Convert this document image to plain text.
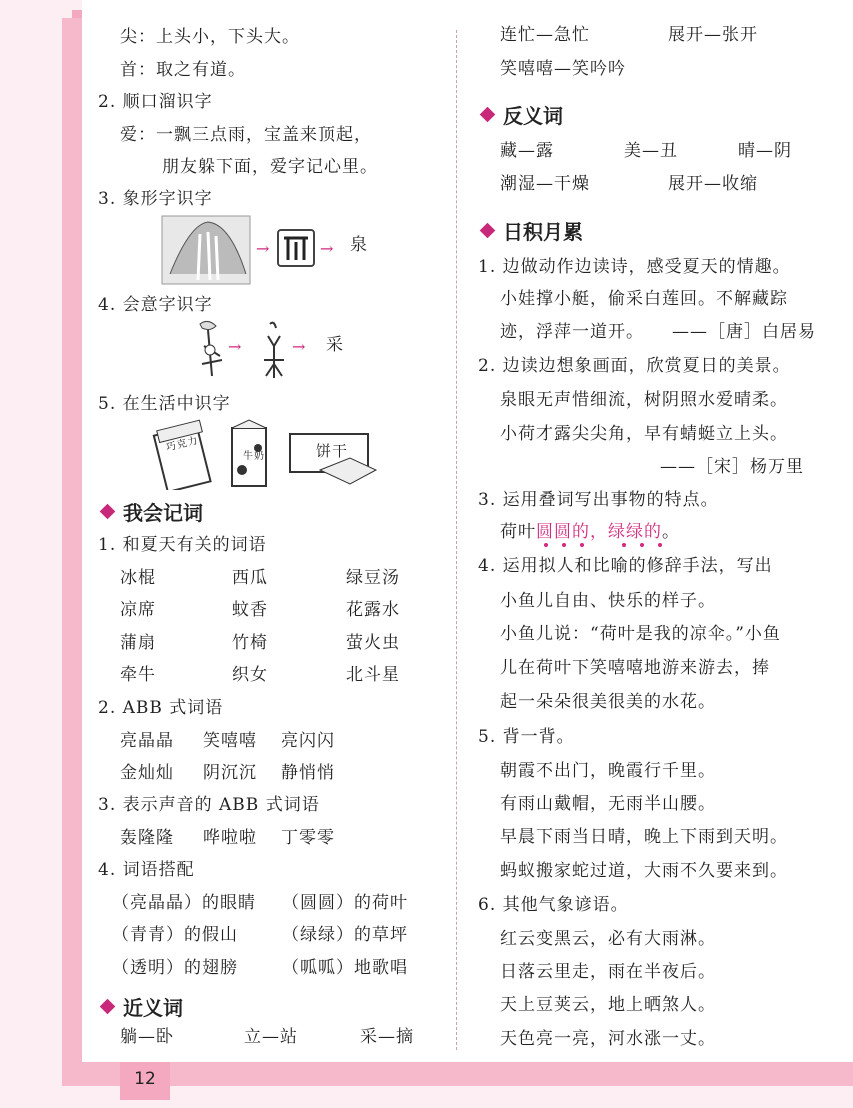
尖：上头小，下头大。
首：取之有道。
2. 顺口溜识字
爱：一飘三点雨，宝盖来顶起，
朋友躲下面，爱字记心里。
3. 象形字识字
→	→ 泉
4. 会意字识字
→	→ 采
5. 在生活中识字
巧克力
牛奶	饼干
我会记词
1. 和夏天有关的词语
冰棍	西瓜	绿豆汤
凉席	蚊香	花露水
蒲扇	竹椅	萤火虫
牵牛	织女	北斗星
2. ABB 式词语
亮晶晶 笑嘻嘻 亮闪闪
金灿灿 阴沉沉 静悄悄
3. 表示声音的 ABB 式词语
轰隆隆 哗啦啦 丁零零
4. 词语搭配
（亮晶晶）的眼睛 （圆圆）的荷叶
（青青）的假山	（绿绿）的草坪
（透明）的翅膀	（呱呱）地歌唱
近义词
躺—卧	立—站	采—摘
连忙—急忙	展开—张开
笑嘻嘻—笑吟吟
反义词
藏—露	美—丑	晴—阴
潮湿—干燥	展开—收缩
日积月累
1. 边做动作边读诗，感受夏天的情趣。
小娃撑小艇，偷采白莲回。不解藏踪
迹，浮萍一道开。 ——［唐］白居易
2. 边读边想象画面，欣赏夏日的美景。
泉眼无声惜细流，树阴照水爱晴柔。
小荷才露尖尖角，早有蜻蜓立上头。
——［宋］杨万里
3. 运用叠词写出事物的特点。
荷叶圆圆的，绿绿的。
4. 运用拟人和比喻的修辞手法，写出
小鱼儿自由、快乐的样子。
小鱼儿说：“荷叶是我的凉伞。”小鱼
儿在荷叶下笑嘻嘻地游来游去，捧
起一朵朵很美很美的水花。
5. 背一背。
朝霞不出门，晚霞行千里。
有雨山戴帽，无雨半山腰。
早晨下雨当日晴，晚上下雨到天明。
蚂蚁搬家蛇过道，大雨不久要来到。
6. 其他气象谚语。
红云变黑云，必有大雨淋。
日落云里走，雨在半夜后。
天上豆荚云，地上晒煞人。
天色亮一亮，河水涨一丈。
12
